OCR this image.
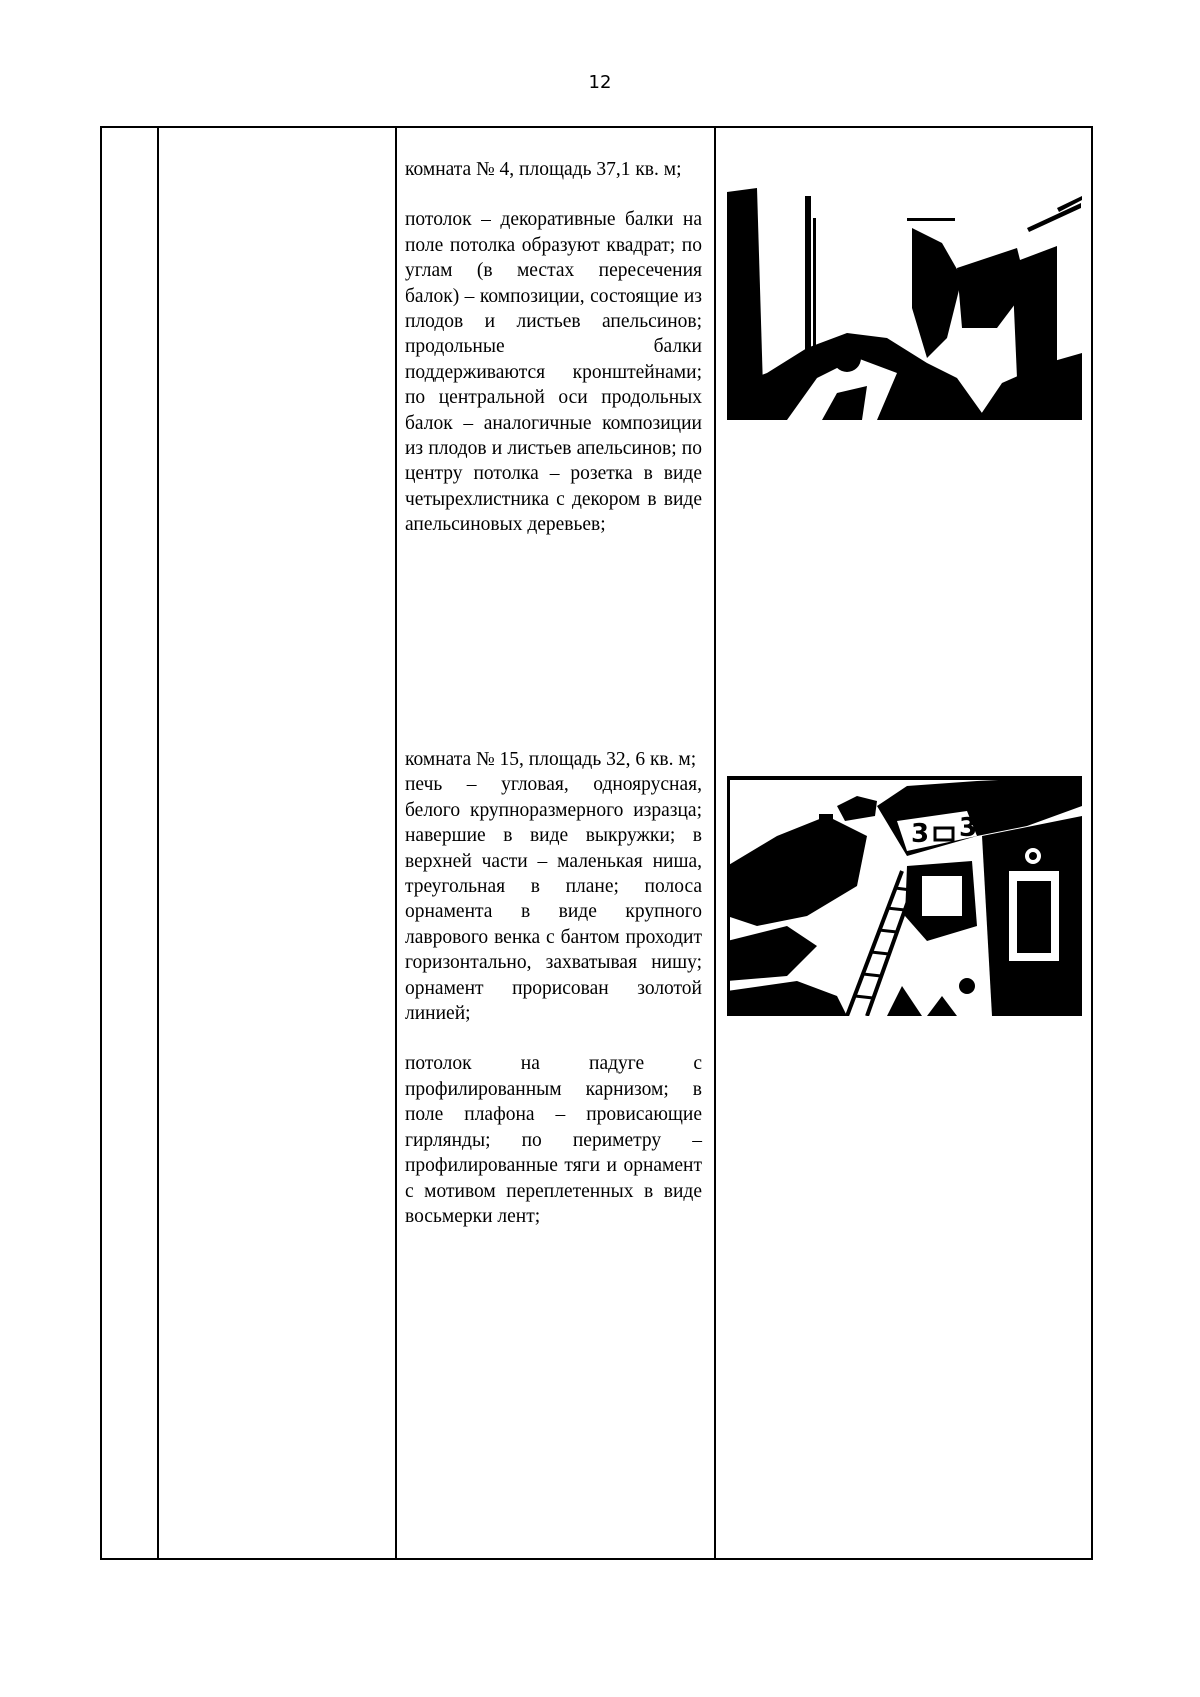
12

комната № 4, площадь 37,1 кв. м;

потолок – декоративные балки на поле потолка образуют квадрат; по углам (в местах пересечения балок) – композиции, состоящие из плодов и листьев апельсинов; продольные балки поддерживаются кронштейнами; по центральной оси продольных балок – аналогичные композиции из плодов и листьев апельсинов; по центру потолка – розетка в виде четырехлистника с декором в виде апельсиновых деревьев;

комната № 15, площадь 32, 6 кв. м;

печь – угловая, одноярусная, белого крупноразмерного изразца; навершие в виде выкружки; в верхней части – маленькая ниша, треугольная в плане; полоса орнамента в виде крупного лаврового венка с бантом проходит горизонтально, захватывая нишу; орнамент прорисован золотой линией;

потолок на падуге с профилированным карнизом; в поле плафона – провисающие гирлянды; по периметру – профилированные тяги и орнамент с мотивом переплетенных в виде восьмерки лент;

3 3
